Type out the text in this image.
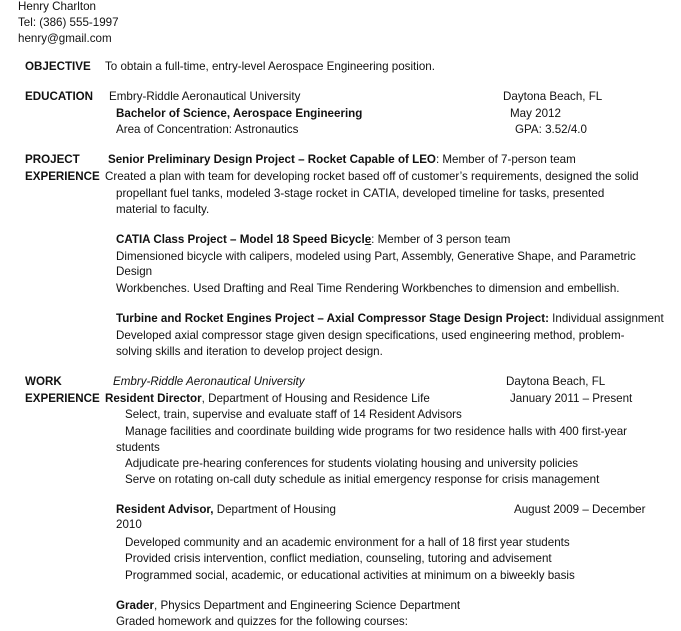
Henry Charlton
Tel: (386) 555-1997
henry@gmail.com
OBJECTIVE To obtain a full-time, entry-level Aerospace Engineering position.
EDUCATION Embry-Riddle Aeronautical University	Daytona Beach, FL
Bachelor of Science, Aerospace Engineering	May 2012
Area of Concentration: Astronautics	GPA: 3.52/4.0
PROJECT
EXPERIENCE
Senior Preliminary Design Project – Rocket Capable of LEO: Member of 7-person team
Created a plan with team for developing rocket based off of customer’s requirements, designed the solid
propellant fuel tanks, modeled 3-stage rocket in CATIA, developed timeline for tasks, presented
material to faculty.
CATIA Class Project – Model 18 Speed Bicycle: Member of 3 person team
Dimensioned bicycle with calipers, modeled using Part, Assembly, Generative Shape, and Parametric
Design
Workbenches. Used Drafting and Real Time Rendering Workbenches to dimension and embellish.
Turbine and Rocket Engines Project – Axial Compressor Stage Design Project: Individual assignment
Developed axial compressor stage given design specifications, used engineering method, problem-
solving skills and iteration to develop project design.
WORK
EXPERIENCE
Embry-Riddle Aeronautical University	Daytona Beach, FL
Resident Director, Department of Housing and Residence Life	January 2011 – Present
Select, train, supervise and evaluate staff of 14 Resident Advisors
Manage facilities and coordinate building wide programs for two residence halls with 400 first-year
students
Adjudicate pre-hearing conferences for students violating housing and university policies
Serve on rotating on-call duty schedule as initial emergency response for crisis management
Resident Advisor, Department of Housing	August 2009 – December
2010
Developed community and an academic environment for a hall of 18 first year students
Provided crisis intervention, conflict mediation, counseling, tutoring and advisement
Programmed social, academic, or educational activities at minimum on a biweekly basis
Grader, Physics Department and Engineering Science Department
Graded homework and quizzes for the following courses:
